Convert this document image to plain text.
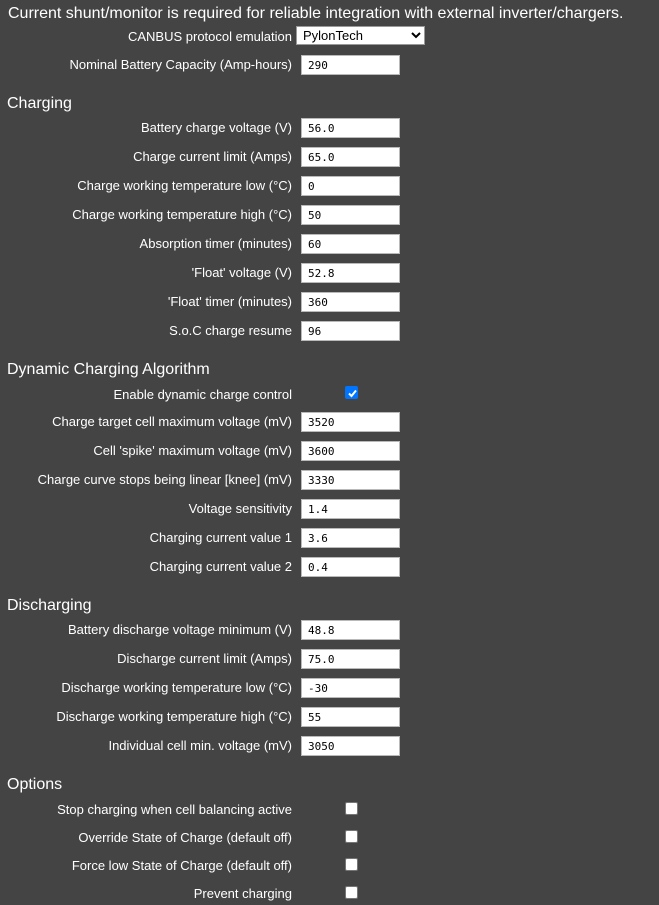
Current shunt/monitor is required for reliable integration with external inverter/chargers.
CANBUS protocol emulation
PylonTech
Nominal Battery Capacity (Amp-hours)
290
Charging
Battery charge voltage (V)
56.0
Charge current limit (Amps)
65.0
Charge working temperature low (°C)
0
Charge working temperature high (°C)
50
Absorption timer (minutes)
60
'Float' voltage (V)
52.8
'Float' timer (minutes)
360
S.o.C charge resume
96
Dynamic Charging Algorithm
Enable dynamic charge control
Charge target cell maximum voltage (mV)
3520
Cell 'spike' maximum voltage (mV)
3600
Charge curve stops being linear [knee] (mV)
3330
Voltage sensitivity
1.4
Charging current value 1
3.6
Charging current value 2
0.4
Discharging
Battery discharge voltage minimum (V)
48.8
Discharge current limit (Amps)
75.0
Discharge working temperature low (°C)
-30
Discharge working temperature high (°C)
55
Individual cell min. voltage (mV)
3050
Options
Stop charging when cell balancing active
Override State of Charge (default off)
Force low State of Charge (default off)
Prevent charging
